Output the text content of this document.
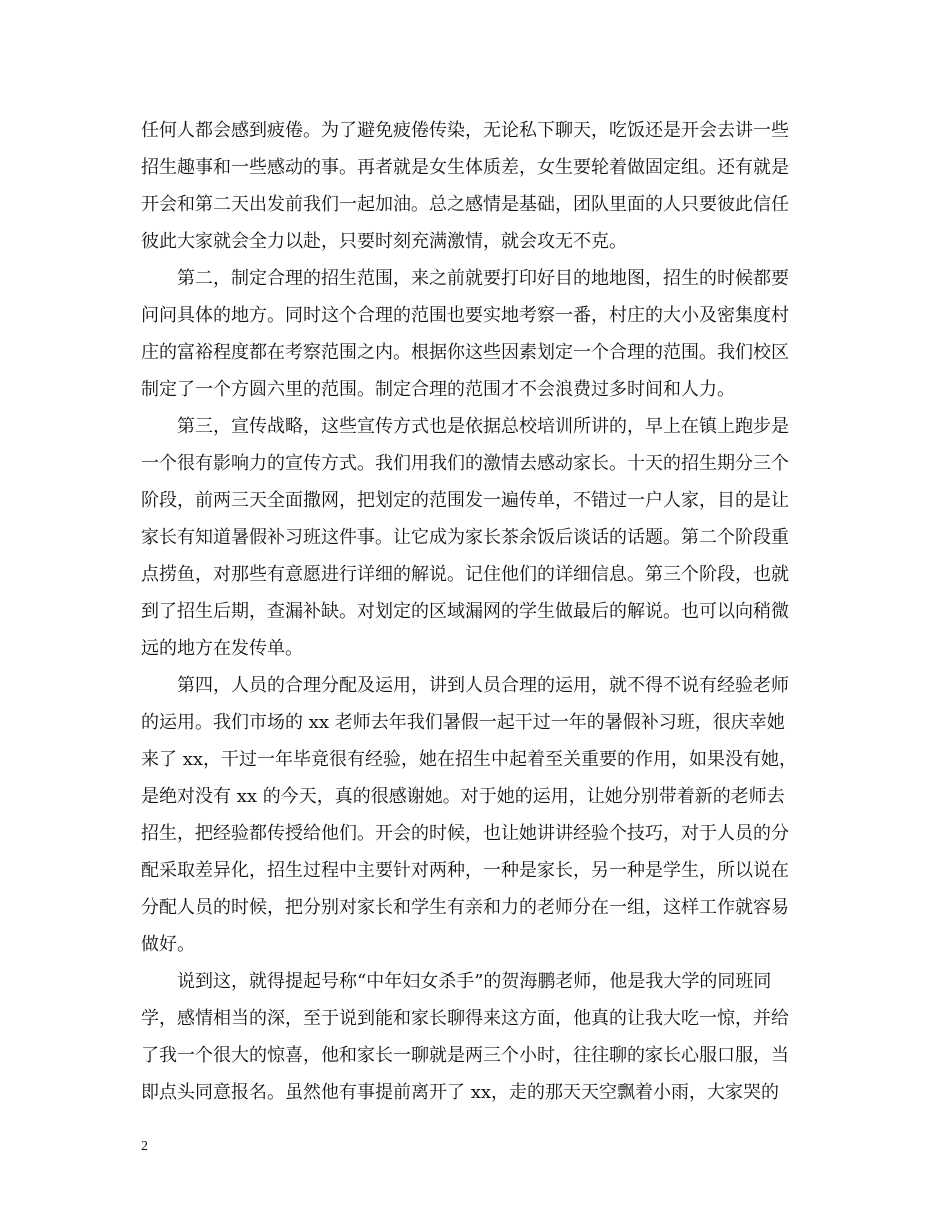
任何人都会感到疲倦。为了避免疲倦传染，无论私下聊天，吃饭还是开会去讲一些
招生趣事和一些感动的事。再者就是女生体质差，女生要轮着做固定组。还有就是
开会和第二天出发前我们一起加油。总之感情是基础，团队里面的人只要彼此信任
彼此大家就会全力以赴，只要时刻充满激情，就会攻无不克。
　　第二，制定合理的招生范围，来之前就要打印好目的地地图，招生的时候都要
问问具体的地方。同时这个合理的范围也要实地考察一番，村庄的大小及密集度村
庄的富裕程度都在考察范围之内。根据你这些因素划定一个合理的范围。我们校区
制定了一个方圆六里的范围。制定合理的范围才不会浪费过多时间和人力。
　　第三，宣传战略，这些宣传方式也是依据总校培训所讲的，早上在镇上跑步是
一个很有影响力的宣传方式。我们用我们的激情去感动家长。十天的招生期分三个
阶段，前两三天全面撒网，把划定的范围发一遍传单，不错过一户人家，目的是让
家长有知道暑假补习班这件事。让它成为家长茶余饭后谈话的话题。第二个阶段重
点捞鱼，对那些有意愿进行详细的解说。记住他们的详细信息。第三个阶段，也就
到了招生后期，查漏补缺。对划定的区域漏网的学生做最后的解说。也可以向稍微
远的地方在发传单。
　　第四，人员的合理分配及运用，讲到人员合理的运用，就不得不说有经验老师
的运用。我们市场的 xx 老师去年我们暑假一起干过一年的暑假补习班，很庆幸她
来了 xx，干过一年毕竟很有经验，她在招生中起着至关重要的作用，如果没有她，
是绝对没有 xx 的今天，真的很感谢她。对于她的运用，让她分别带着新的老师去
招生，把经验都传授给他们。开会的时候，也让她讲讲经验个技巧，对于人员的分
配采取差异化，招生过程中主要针对两种，一种是家长，另一种是学生，所以说在
分配人员的时候，把分别对家长和学生有亲和力的老师分在一组，这样工作就容易
做好。
　　说到这，就得提起号称“中年妇女杀手”的贺海鹏老师，他是我大学的同班同
学，感情相当的深，至于说到能和家长聊得来这方面，他真的让我大吃一惊，并给
了我一个很大的惊喜，他和家长一聊就是两三个小时，往往聊的家长心服口服，当
即点头同意报名。虽然他有事提前离开了 xx，走的那天天空飘着小雨，大家哭的
2
